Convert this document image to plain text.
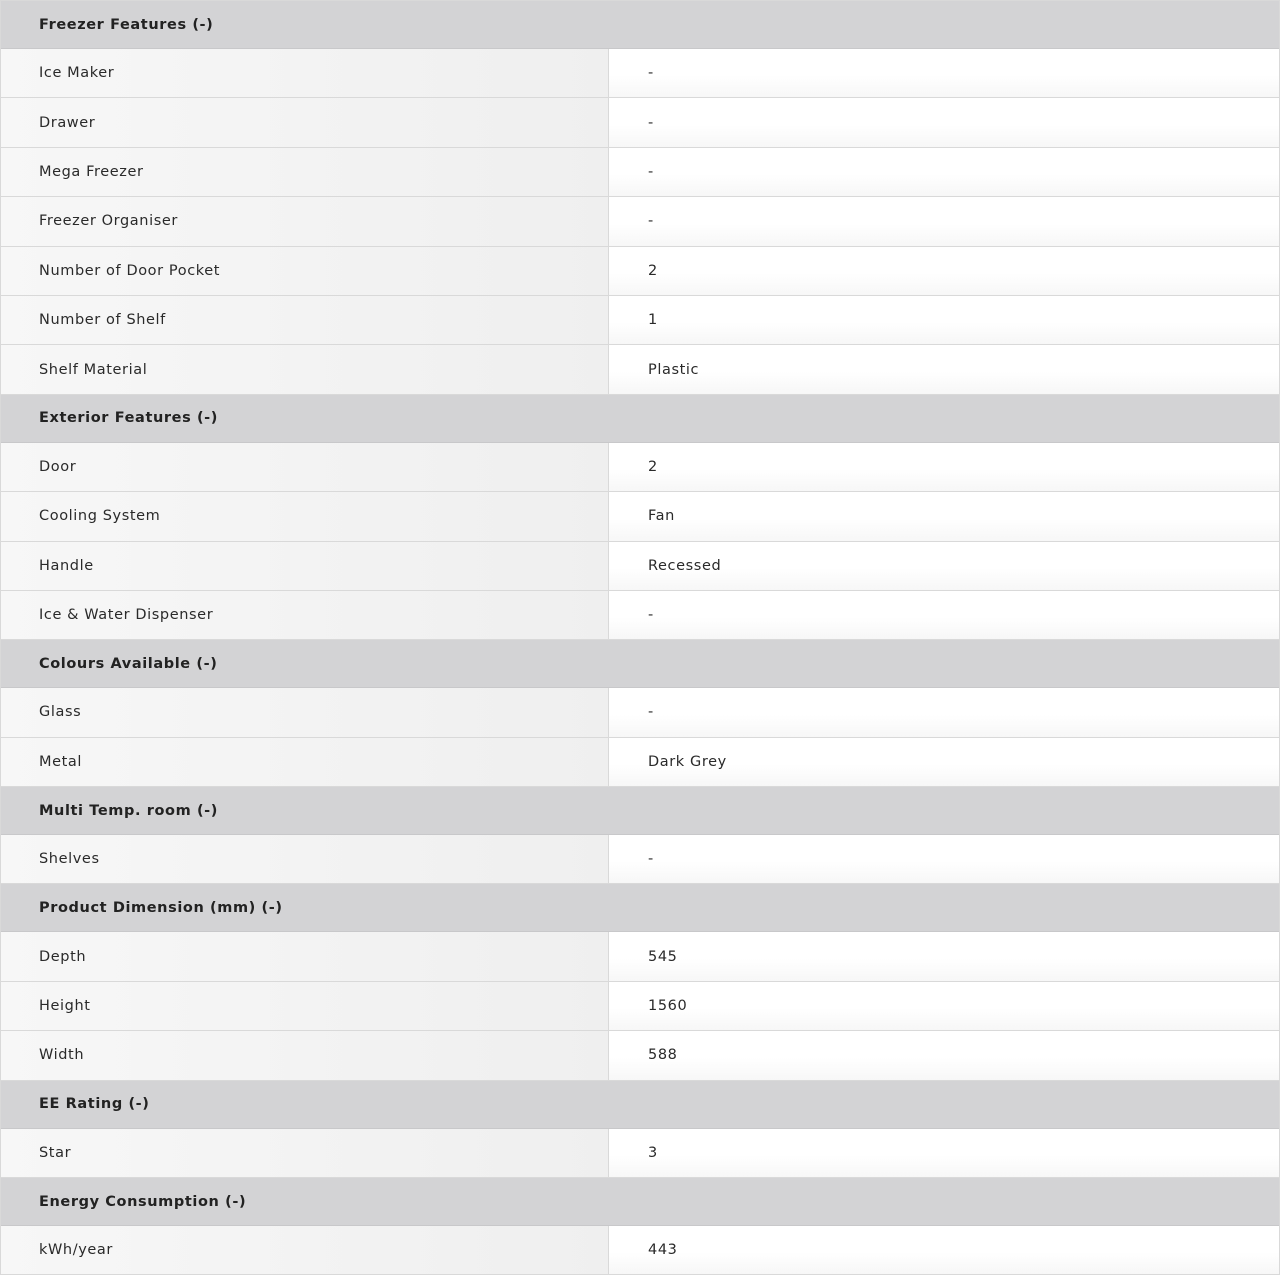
Freezer Features (-)
Ice Maker	-
Drawer	-
Mega Freezer	-
Freezer Organiser	-
Number of Door Pocket	2
Number of Shelf	1
Shelf Material	Plastic
Exterior Features (-)
Door	2
Cooling System	Fan
Handle	Recessed
Ice & Water Dispenser	-
Colours Available (-)
Glass	-
Metal	Dark Grey
Multi Temp. room (-)
Shelves	-
Product Dimension (mm) (-)
Depth	545
Height	1560
Width	588
EE Rating (-)
Star	3
Energy Consumption (-)
kWh/year	443
